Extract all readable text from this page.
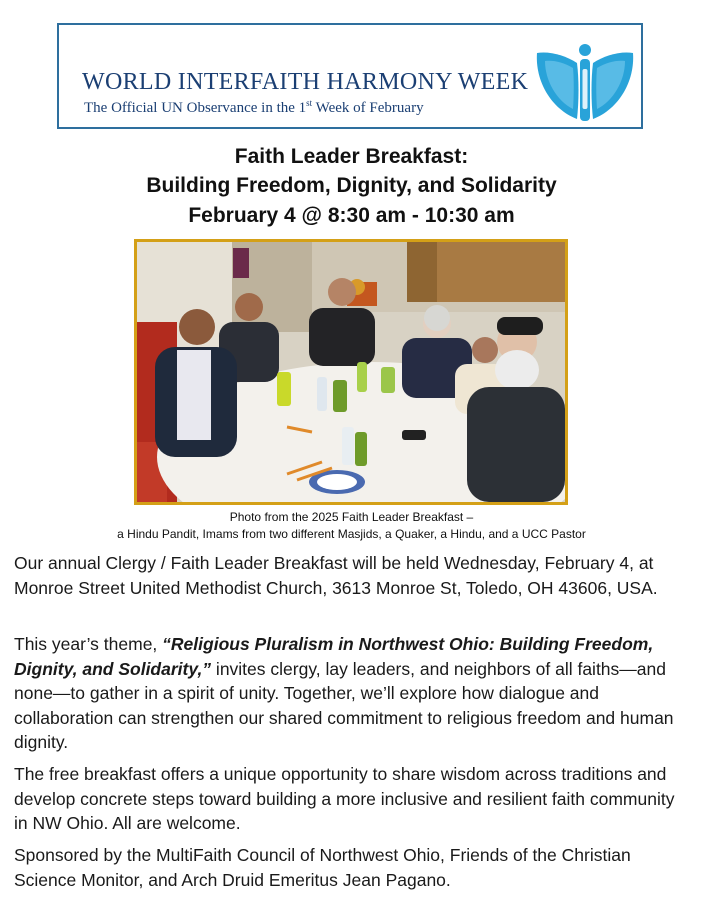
WORLD INTERFAITH HARMONY WEEK
The Official UN Observance in the 1st Week of February
Faith Leader Breakfast:
Building Freedom, Dignity, and Solidarity
February 4 @ 8:30 am - 10:30 am
Photo from the 2025 Faith Leader Breakfast –
a Hindu Pandit, Imams from two different Masjids, a Quaker, a Hindu, and a UCC Pastor

Our annual Clergy / Faith Leader Breakfast will be held Wednesday, February 4, at Monroe Street United Methodist Church, 3613 Monroe St, Toledo, OH 43606, USA.

This year’s theme, “Religious Pluralism in Northwest Ohio: Building Freedom, Dignity, and Solidarity,” invites clergy, lay leaders, and neighbors of all faiths—and none—to gather in a spirit of unity. Together, we’ll explore how dialogue and collaboration can strengthen our shared commitment to religious freedom and human dignity.

The free breakfast offers a unique opportunity to share wisdom across traditions and develop concrete steps toward building a more inclusive and resilient faith community in NW Ohio. All are welcome.

Sponsored by the MultiFaith Council of Northwest Ohio, Friends of the Christian Science Monitor, and Arch Druid Emeritus Jean Pagano.
